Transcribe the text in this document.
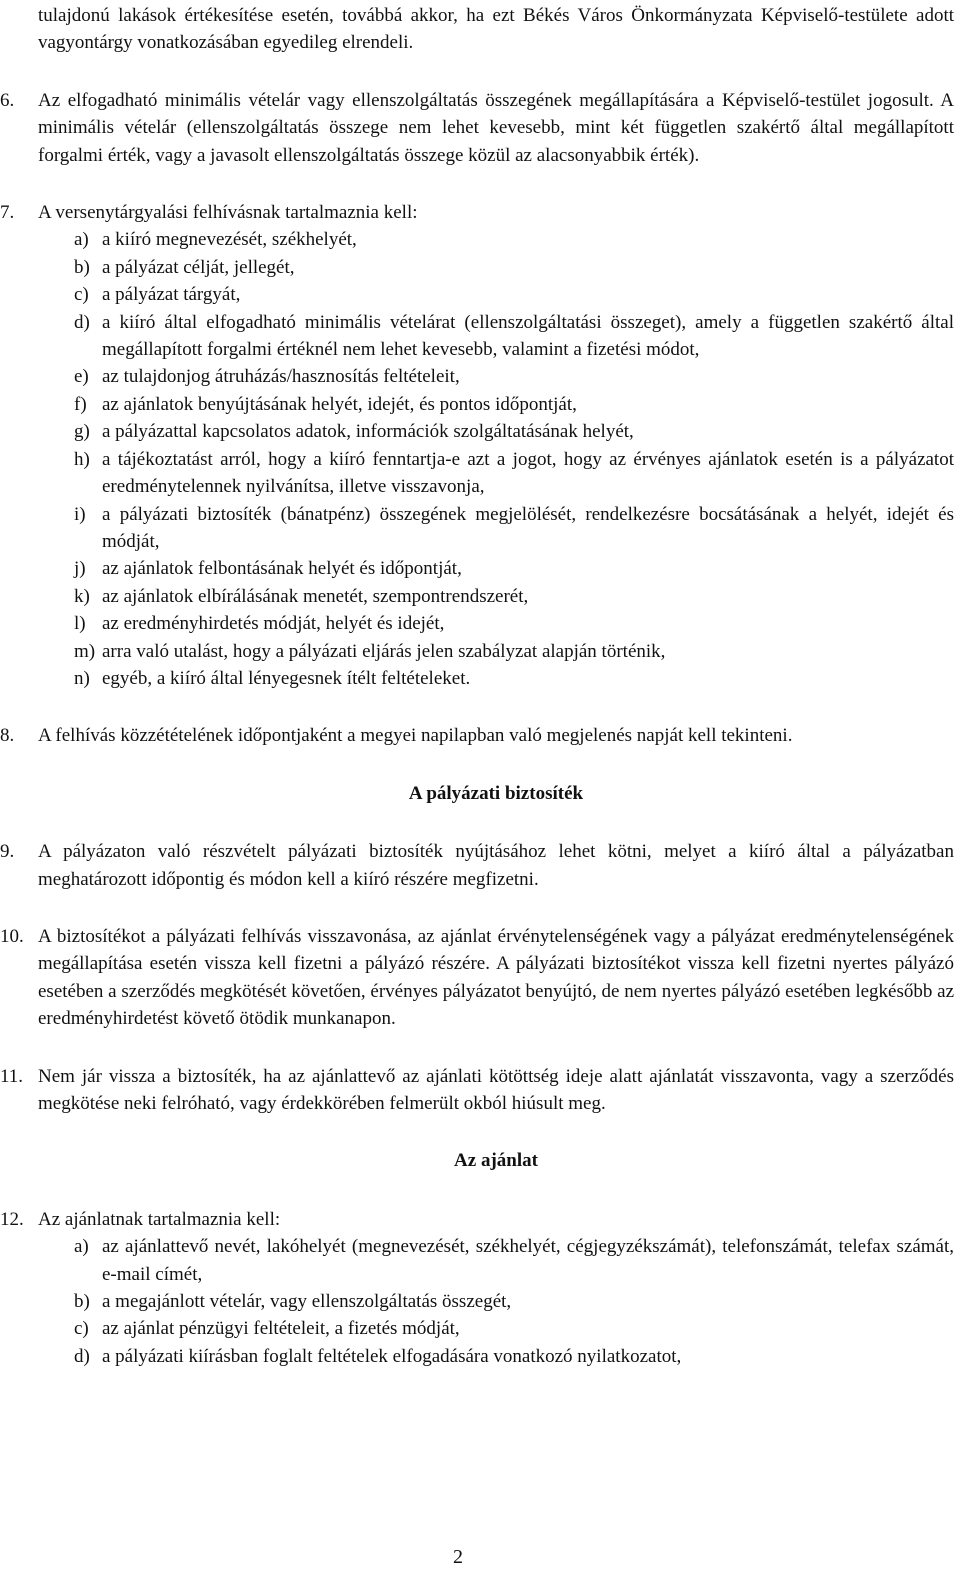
tulajdonú lakások értékesítése esetén, továbbá akkor, ha ezt Békés Város Önkormányzata Képviselő-testülete adott vagyontárgy vonatkozásában egyedileg elrendeli.

6.	Az elfogadható minimális vételár vagy ellenszolgáltatás összegének megállapítására a Képviselő-testület jogosult. A minimális vételár (ellenszolgáltatás összege nem lehet kevesebb, mint két független szakértő által megállapított forgalmi érték, vagy a javasolt ellenszolgáltatás összege közül az alacsonyabbik érték).

7.	A versenytárgyalási felhívásnak tartalmaznia kell:

a) a kiíró megnevezését, székhelyét,
b) a pályázat célját, jellegét,
c) a pályázat tárgyát,
d) a kiíró által elfogadható minimális vételárat (ellenszolgáltatási összeget), amely a független szakértő által megállapított forgalmi értéknél nem lehet kevesebb, valamint a fizetési módot,
e) az tulajdonjog átruházás/hasznosítás feltételeit,
f) az ajánlatok benyújtásának helyét, idejét, és pontos időpontját,
g) a pályázattal kapcsolatos adatok, információk szolgáltatásának helyét,
h) a tájékoztatást arról, hogy a kiíró fenntartja-e azt a jogot, hogy az érvényes ajánlatok esetén is a pályázatot eredménytelennek nyilvánítsa, illetve visszavonja,
i) a pályázati biztosíték (bánatpénz) összegének megjelölését, rendelkezésre bocsátásának a helyét, idejét és módját,
j) az ajánlatok felbontásának helyét és időpontját,
k) az ajánlatok elbírálásának menetét, szempontrendszerét,
l) az eredményhirdetés módját, helyét és idejét,
m) arra való utalást, hogy a pályázati eljárás jelen szabályzat alapján történik,
n) egyéb, a kiíró által lényegesnek ítélt feltételeket.
8.	A felhívás közzétételének időpontjaként a megyei napilapban való megjelenés napját kell tekinteni.

A pályázati biztosíték

9.	A pályázaton való részvételt pályázati biztosíték nyújtásához lehet kötni, melyet a kiíró által a pályázatban meghatározott időpontig és módon kell a kiíró részére megfizetni.

10. A biztosítékot a pályázati felhívás visszavonása, az ajánlat érvénytelenségének vagy a pályázat eredménytelenségének megállapítása esetén vissza kell fizetni a pályázó részére. A pályázati biztosítékot vissza kell fizetni nyertes pályázó esetében a szerződés megkötését követően, érvényes pályázatot benyújtó, de nem nyertes pályázó esetében legkésőbb az eredményhirdetést követő ötödik munkanapon.

11. Nem jár vissza a biztosíték, ha az ajánlattevő az ajánlati kötöttség ideje alatt ajánlatát visszavonta, vagy a szerződés megkötése neki felróható, vagy érdekkörében felmerült okból hiúsult meg.

Az ajánlat

12. Az ajánlatnak tartalmaznia kell:

a) az ajánlattevő nevét, lakóhelyét (megnevezését, székhelyét, cégjegyzékszámát), telefonszámát, telefax számát, e-mail címét,
b) a megajánlott vételár, vagy ellenszolgáltatás összegét,
c) az ajánlat pénzügyi feltételeit, a fizetés módját,
d) a pályázati kiírásban foglalt feltételek elfogadására vonatkozó nyilatkozatot,
2
